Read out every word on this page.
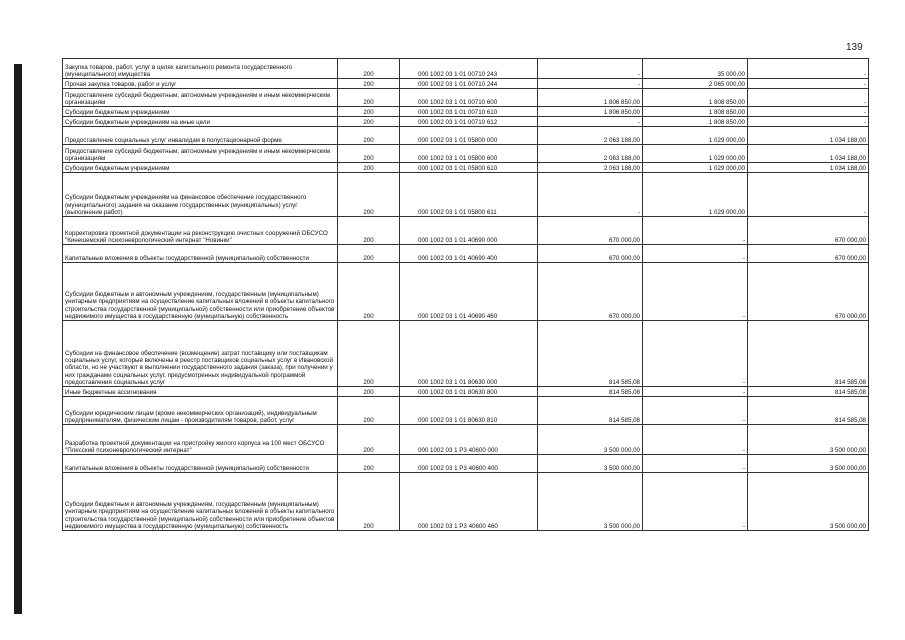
139
Закупка товаров, работ, услуг в целях капитального ремонта государственного (муниципального) имущества	200	000 1002 03 1 01 00710 243	-	35 000,00	-
Прочая закупка товаров, работ и услуг	200	000 1002 03 1 01 00710 244	-	2 065 000,00	-
Предоставление субсидий бюджетным, автономным учреждениям и иным некоммерческим организациям	200	000 1002 03 1 01 00710 600	1 806 850,00	1 808 850,00	-
Субсидии бюджетным учреждениям	200	000 1002 03 1 01 00710 610	1 806 850,00	1 808 850,00	-
Субсидии бюджетным учреждениям на иные цели	200	000 1002 03 1 01 00710 612	-	1 808 850,00	-
Предоставление социальных услуг инвалидам в полустационарной форме	200	000 1002 03 1 01 05800 000	2 063 188,00	1 029 000,00	1 034 188,00
Предоставление субсидий бюджетным, автономным учреждениям и иным некоммерческим организациям	200	000 1002 03 1 01 05800 600	2 063 188,00	1 029 000,00	1 034 188,00
Субсидии бюджетным учреждениям	200	000 1002 03 1 01 05800 610	2 063 188,00	1 029 000,00	1 034 188,00
Субсидии бюджетным учреждениям на финансовое обеспечение государственного (муниципального) задания на оказание государственных (муниципальных) услуг (выполнение работ)	200	000 1002 03 1 01 05800 611	-	1 029 000,00	-
Корректировка проектной документации на реконструкцию очистных сооружений ОБСУСО "Кинешемский психоневрологический интернат "Новинки"	200	000 1002 03 1 01 40690 000	670 000,00	-	670 000,00
Капитальные вложения в объекты государственной (муниципальной) собственности	200	000 1002 03 1 01 40690 400	670 000,00	-	670 000,00
Субсидии бюджетным и автономным учреждениям, государственным (муниципальным) унитарным предприятиям на осуществление капитальных вложений в объекты капитального строительства государственной (муниципальной) собственности или приобретение объектов недвижимого имущества в государственную (муниципальную) собственность	200	000 1002 03 1 01 40690 460	670 000,00	-	670 000,00
Субсидии на финансовое обеспечение (возмещение) затрат поставщику или поставщикам социальных услуг, которые включены в реестр поставщиков социальных услуг в Ивановской области, но не участвуют в выполнении государственного задания (заказа), при получении у них гражданами социальных услуг, предусмотренных индивидуальной программой предоставления социальных услуг	200	000 1002 03 1 01 80630 000	814 585,08	-	814 585,08
Иные бюджетные ассигнования	200	000 1002 03 1 01 80630 800	814 585,08	-	814 585,08
Субсидии юридическим лицам (кроме некоммерческих организаций), индивидуальным предпринимателям, физическим лицам - производителям товаров, работ, услуг	200	000 1002 03 1 01 80630 810	814 585,08	-	814 585,08
Разработка проектной документации на пристройку жилого корпуса на 100 мест ОБСУСО "Плесский психоневрологический интернат"	200	000 1002 03 1 P3 40600 000	3 500 000,00	-	3 500 000,00
Капитальные вложения в объекты государственной (муниципальной) собственности	200	000 1002 03 1 P3 40600 400	3 500 000,00	-	3 500 000,00
Субсидии бюджетным и автономным учреждениям, государственным (муниципальным) унитарным предприятиям на осуществление капитальных вложений в объекты капитального строительства государственной (муниципальной) собственности или приобретение объектов недвижимого имущества в государственную (муниципальную) собственность	200	000 1002 03 1 P3 40600 460	3 500 000,00	-	3 500 000,00
